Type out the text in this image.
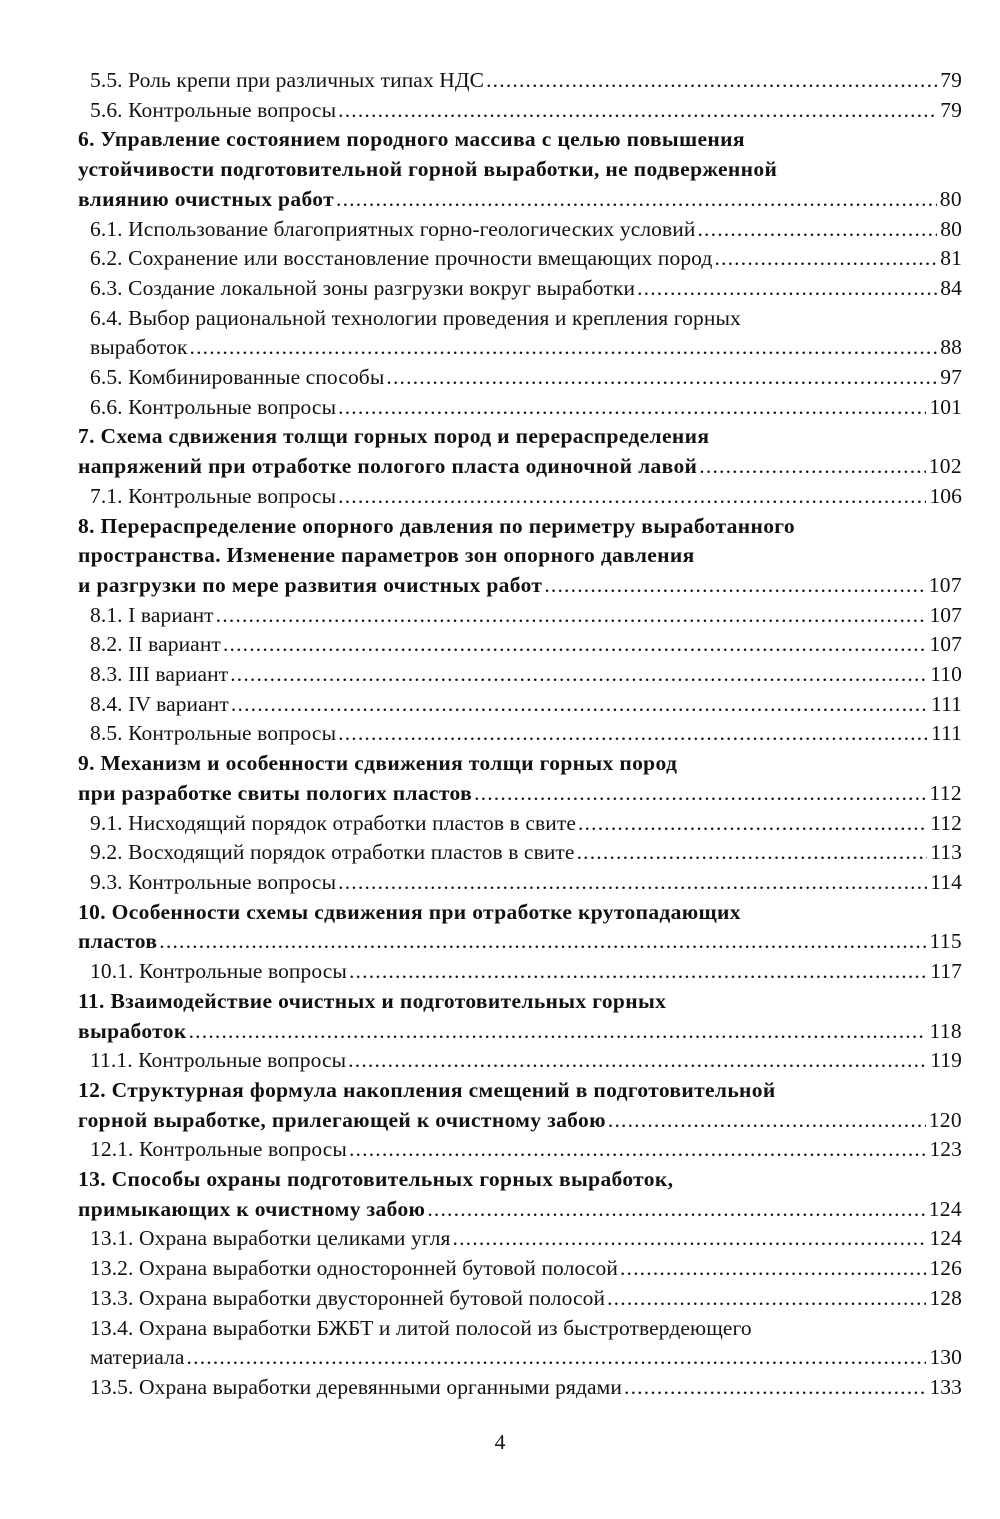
5.5. Роль крепи при различных типах НДС .....	79
5.6. Контрольные вопросы .....	79
6. Управление состоянием породного массива с целью повышения
устойчивости подготовительной горной выработки, не подверженной
влиянию очистных работ .....	80
6.1. Использование благоприятных горно-геологических условий .....	80
6.2. Сохранение или восстановление прочности вмещающих пород .....	81
6.3. Создание локальной зоны разгрузки вокруг выработки .....	84
6.4. Выбор рациональной технологии проведения и крепления горных
выработок .....	88
6.5. Комбинированные способы .....	97
6.6. Контрольные вопросы .....	101
7. Схема сдвижения толщи горных пород и перераспределения
напряжений при отработке пологого пласта одиночной лавой .....	102
7.1. Контрольные вопросы .....	106
8. Перераспределение опорного давления по периметру выработанного
пространства. Изменение параметров зон опорного давления
и разгрузки по мере развития очистных работ .....	107
8.1. I вариант .....	107
8.2. II вариант .....	107
8.3. III вариант .....	110
8.4. IV вариант .....	111
8.5. Контрольные вопросы .....	111
9. Механизм и особенности сдвижения толщи горных пород
при разработке свиты пологих пластов .....	112
9.1. Нисходящий порядок отработки пластов в свите .....	112
9.2. Восходящий порядок отработки пластов в свите .....	113
9.3. Контрольные вопросы .....	114
10. Особенности схемы сдвижения при отработке крутопадающих
пластов .....	115
10.1. Контрольные вопросы .....	117
11. Взаимодействие очистных и подготовительных горных
выработок .....	118
11.1. Контрольные вопросы .....	119
12. Структурная формула накопления смещений в подготовительной
горной выработке, прилегающей к очистному забою .....	120
12.1. Контрольные вопросы .....	123
13. Способы охраны подготовительных горных выработок,
примыкающих к очистному забою .....	124
13.1. Охрана выработки целиками угля .....	124
13.2. Охрана выработки односторонней бутовой полосой .....	126
13.3. Охрана выработки двусторонней бутовой полосой .....	128
13.4. Охрана выработки БЖБТ и литой полосой из быстротвердеющего
материала .....	130
13.5. Охрана выработки деревянными органными рядами .....	133
4
